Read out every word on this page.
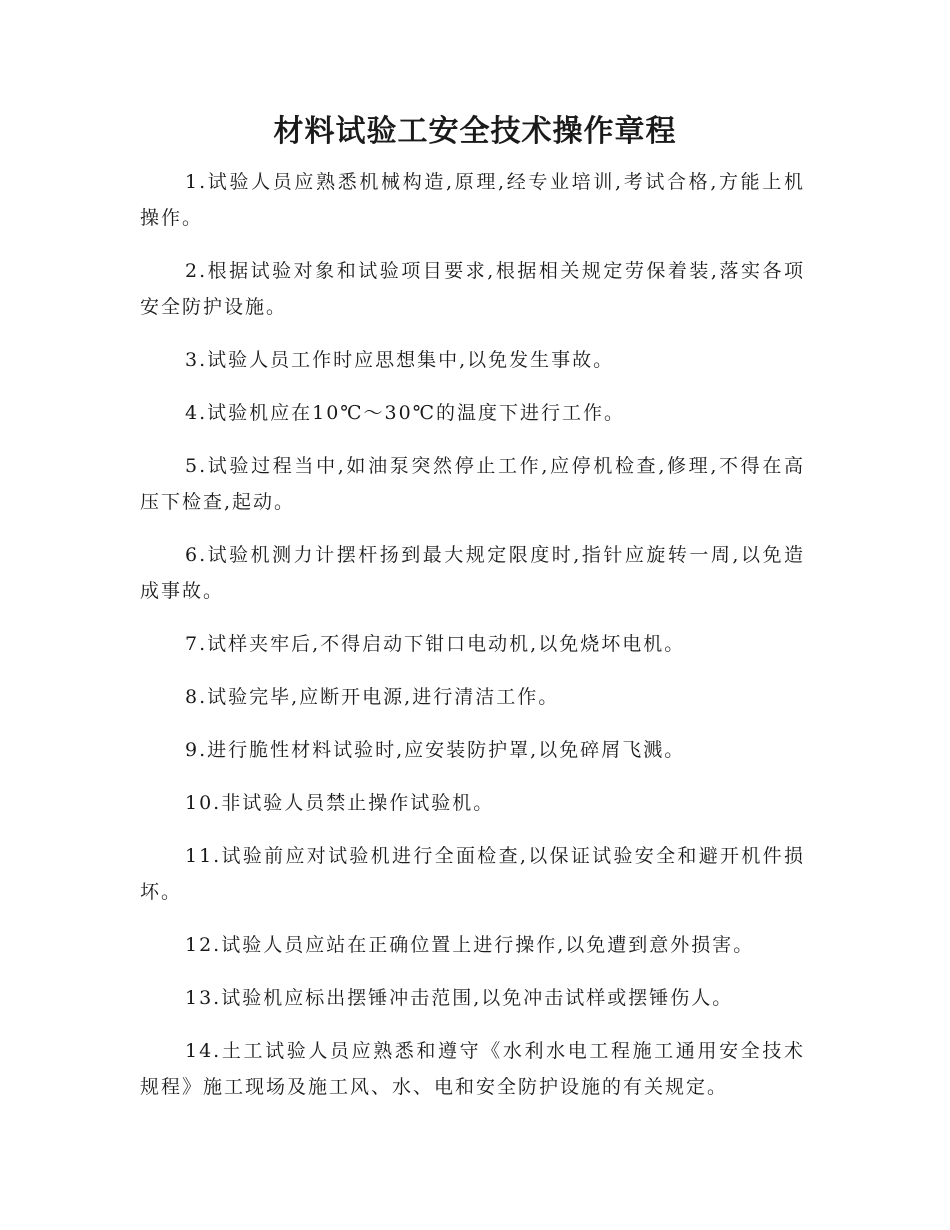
材料试验工安全技术操作章程

1.试验人员应熟悉机械构造,原理,经专业培训,考试合格,方能上机操作。

2.根据试验对象和试验项目要求,根据相关规定劳保着装,落实各项安全防护设施。

3.试验人员工作时应思想集中,以免发生事故。

4.试验机应在10℃～30℃的温度下进行工作。

5.试验过程当中,如油泵突然停止工作,应停机检查,修理,不得在高压下检查,起动。

6.试验机测力计摆杆扬到最大规定限度时,指针应旋转一周,以免造成事故。

7.试样夹牢后,不得启动下钳口电动机,以免烧坏电机。

8.试验完毕,应断开电源,进行清洁工作。

9.进行脆性材料试验时,应安装防护罩,以免碎屑飞溅。

10.非试验人员禁止操作试验机。

11.试验前应对试验机进行全面检查,以保证试验安全和避开机件损坏。

12.试验人员应站在正确位置上进行操作,以免遭到意外损害。

13.试验机应标出摆锤冲击范围,以免冲击试样或摆锤伤人。

14.土工试验人员应熟悉和遵守《水利水电工程施工通用安全技术规程》施工现场及施工风、水、电和安全防护设施的有关规定。
